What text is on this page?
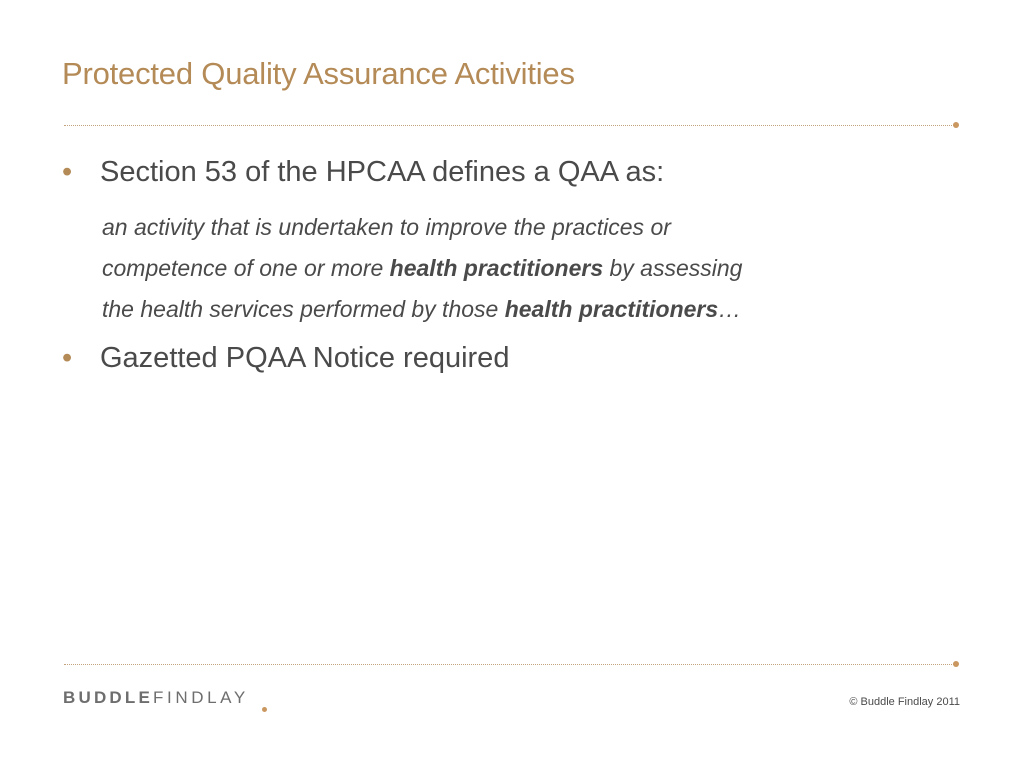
Protected Quality Assurance Activities
• Section 53 of the HPCAA defines a QAA as:
an activity that is undertaken to improve the practices or
competence of one or more health practitioners by assessing
the health services performed by those health practitioners…
• Gazetted PQAA Notice required
BUDDLEFINDLAY	© Buddle Findlay 2011
